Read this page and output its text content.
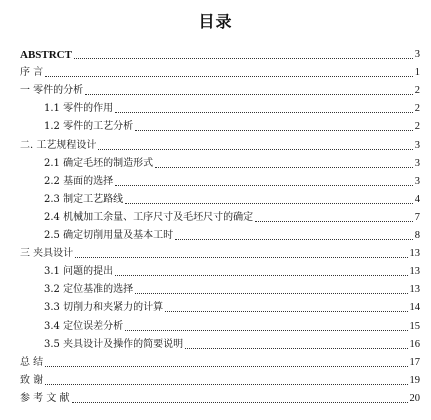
目录
ABSTRCT	3
序 言	1
一 零件的分析	2
1.1 零件的作用	2
1.2 零件的工艺分析	2
二. 工艺规程设计	3
2.1 确定毛坯的制造形式	3
2.2 基面的选择	3
2.3 制定工艺路线	4
2.4 机械加工余量、工序尺寸及毛坯尺寸的确定	7
2.5 确定切削用量及基本工时	8
三 夹具设计	13
3.1 问题的提出	13
3.2 定位基准的选择	13
3.3 切削力和夹紧力的计算	14
3.4 定位误差分析	15
3.5 夹具设计及操作的简要说明	16
总 结	17
致 谢	19
参 考 文 献	20
